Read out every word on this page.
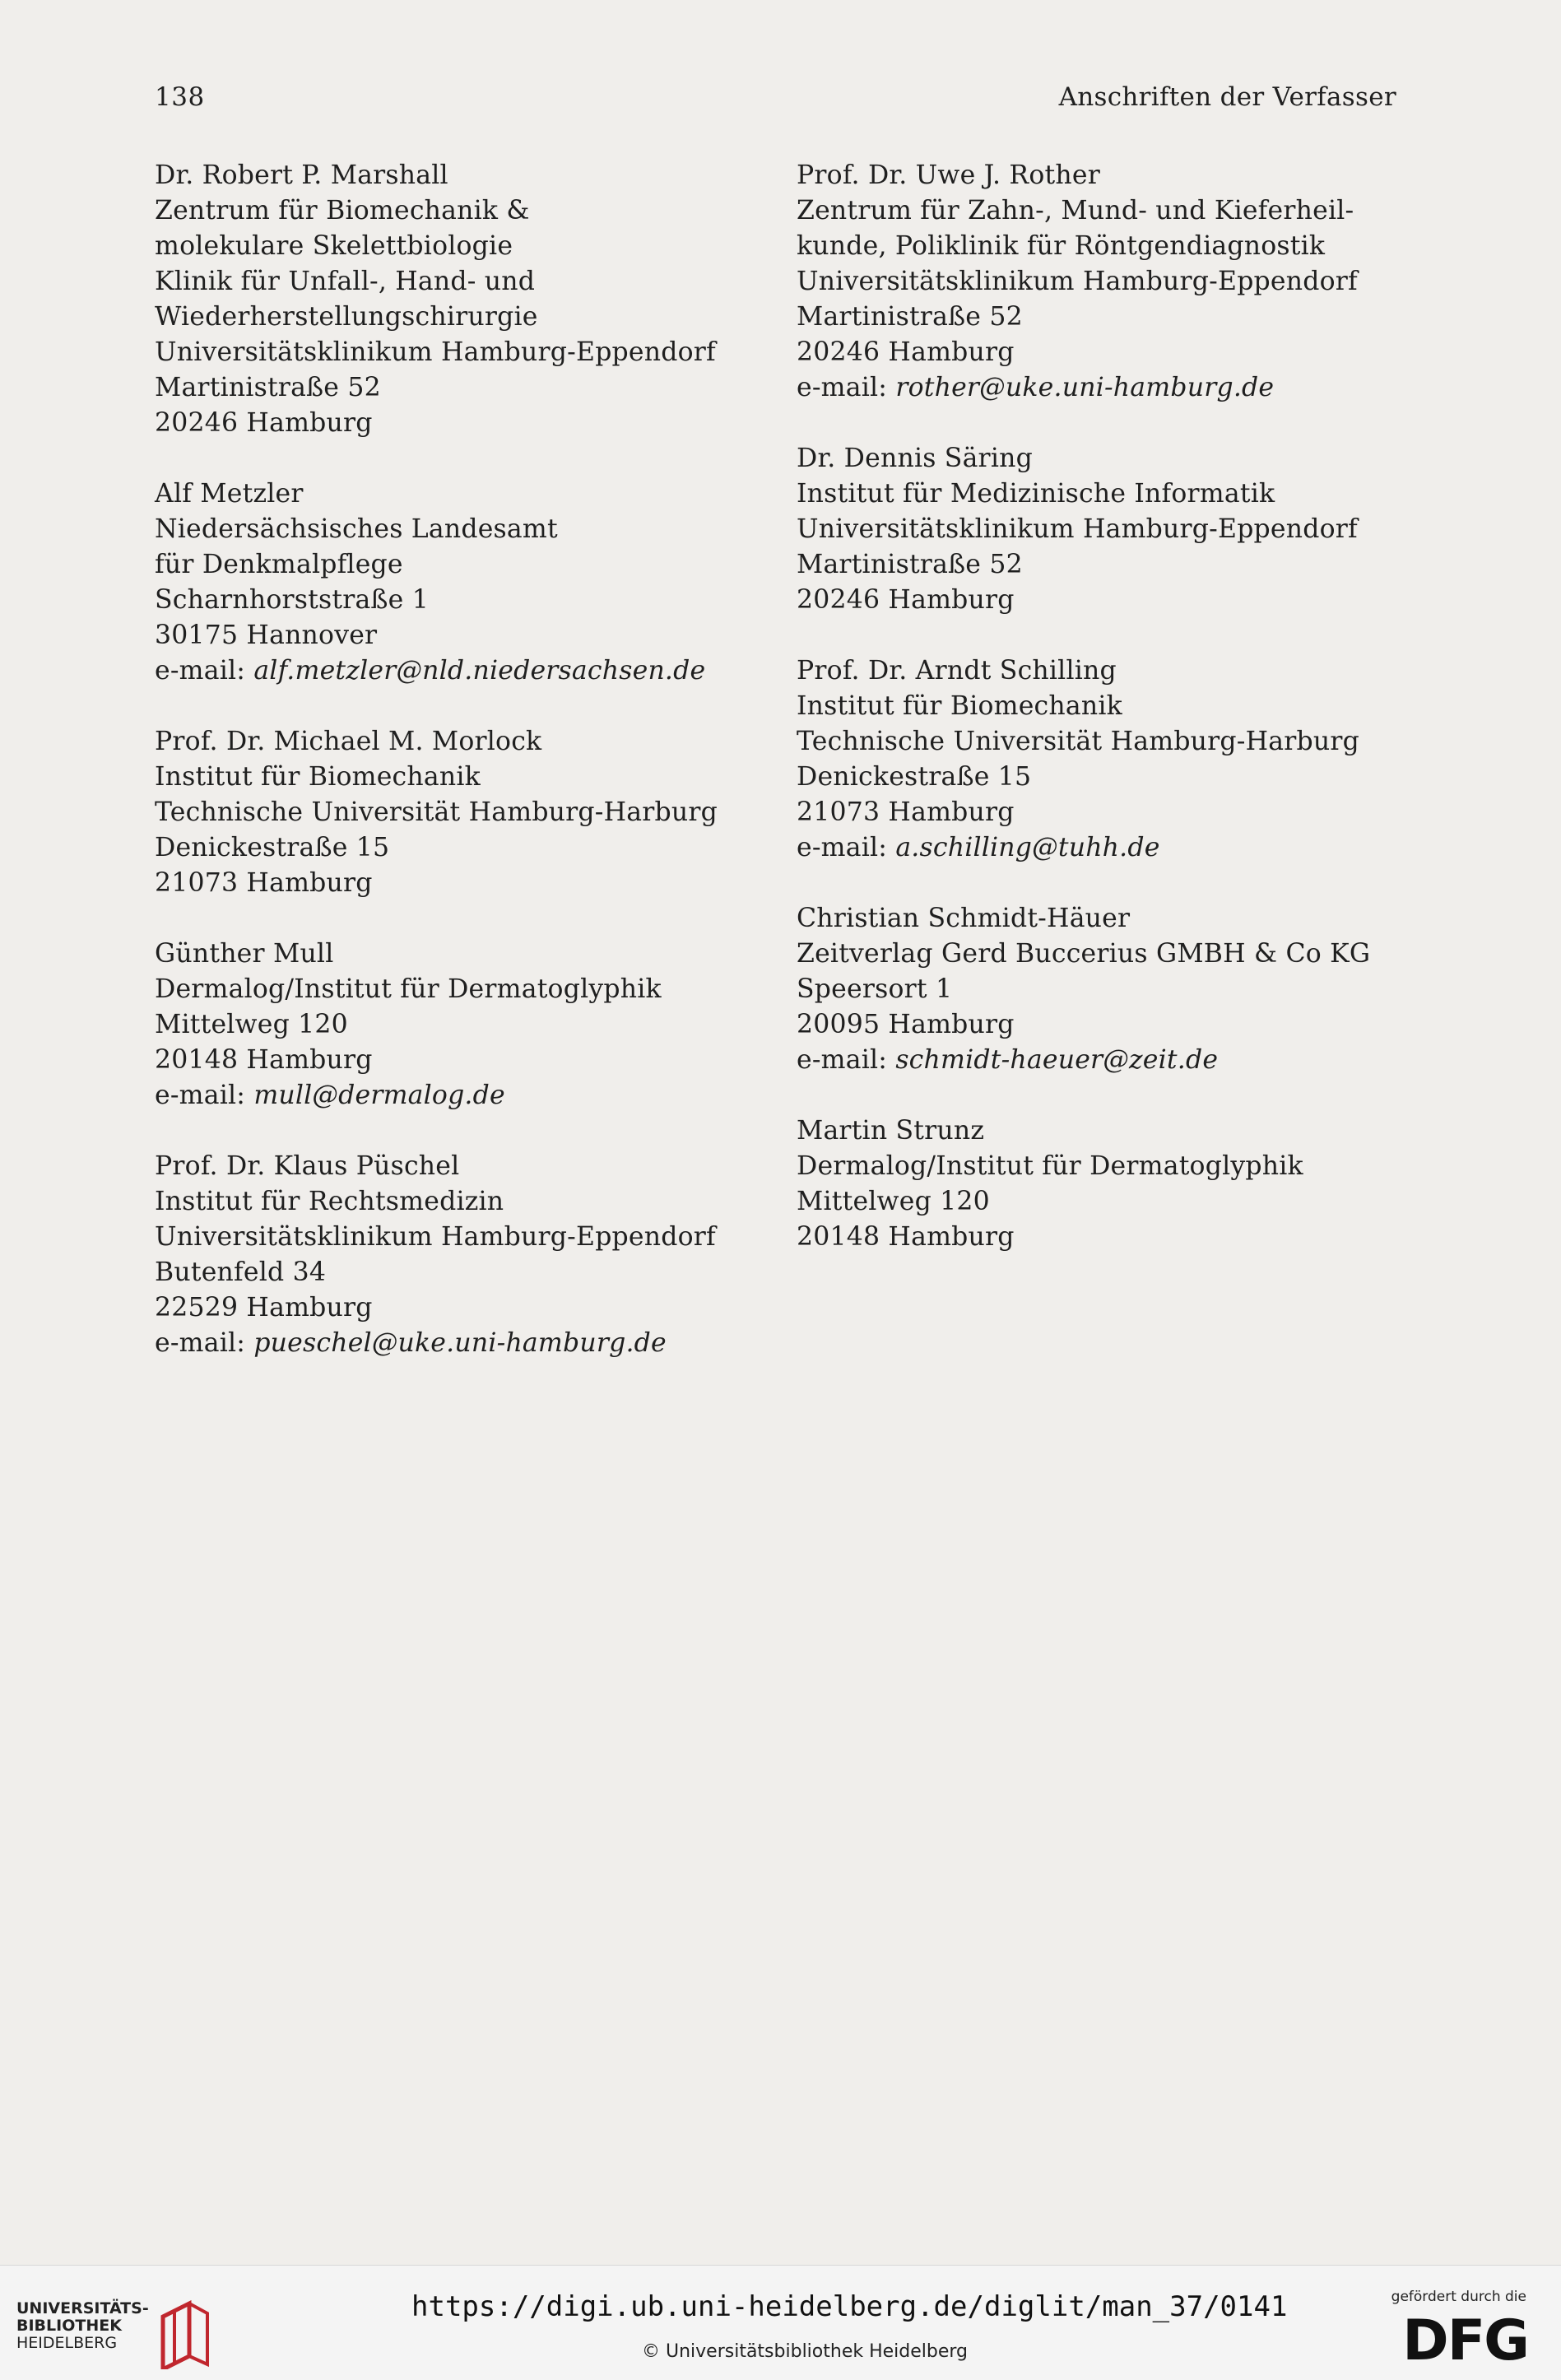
138	Anschriften der Verfasser
Dr. Robert P. Marshall
Zentrum für Biomechanik &
molekulare Skelettbiologie
Klinik für Unfall-, Hand- und
Wiederherstellungschirurgie
Universitätsklinikum Hamburg-Eppendorf
Martinistraße 52
20246 Hamburg
Alf Metzler
Niedersächsisches Landesamt
für Denkmalpflege
Scharnhorststraße 1
30175 Hannover
e-mail: alf.metzler@nld.niedersachsen.de
Prof. Dr. Michael M. Morlock
Institut für Biomechanik
Technische Universität Hamburg-Harburg
Denickestraße 15
21073 Hamburg
Günther Mull
Dermalog/Institut für Dermatoglyphik
Mittelweg 120
20148 Hamburg
e-mail: mull@dermalog.de
Prof. Dr. Klaus Püschel
Institut für Rechtsmedizin
Universitätsklinikum Hamburg-Eppendorf
Butenfeld 34
22529 Hamburg
e-mail: pueschel@uke.uni-hamburg.de
Prof. Dr. Uwe J. Rother
Zentrum für Zahn-, Mund- und Kieferheil-
kunde, Poliklinik für Röntgendiagnostik
Universitätsklinikum Hamburg-Eppendorf
Martinistraße 52
20246 Hamburg
e-mail: rother@uke.uni-hamburg.de
Dr. Dennis Säring
Institut für Medizinische Informatik
Universitätsklinikum Hamburg-Eppendorf
Martinistraße 52
20246 Hamburg
Prof. Dr. Arndt Schilling
Institut für Biomechanik
Technische Universität Hamburg-Harburg
Denickestraße 15
21073 Hamburg
e-mail: a.schilling@tuhh.de
Christian Schmidt-Häuer
Zeitverlag Gerd Buccerius GMBH & Co KG
Speersort 1
20095 Hamburg
e-mail: schmidt-haeuer@zeit.de
Martin Strunz
Dermalog/Institut für Dermatoglyphik
Mittelweg 120
20148 Hamburg
UNIVERSITÄTS-
BIBLIOTHEK
HEIDELBERG
https://digi.ub.uni-heidelberg.de/diglit/man_37/0141
© Universitätsbibliothek Heidelberg
gefördert durch die
DFG
